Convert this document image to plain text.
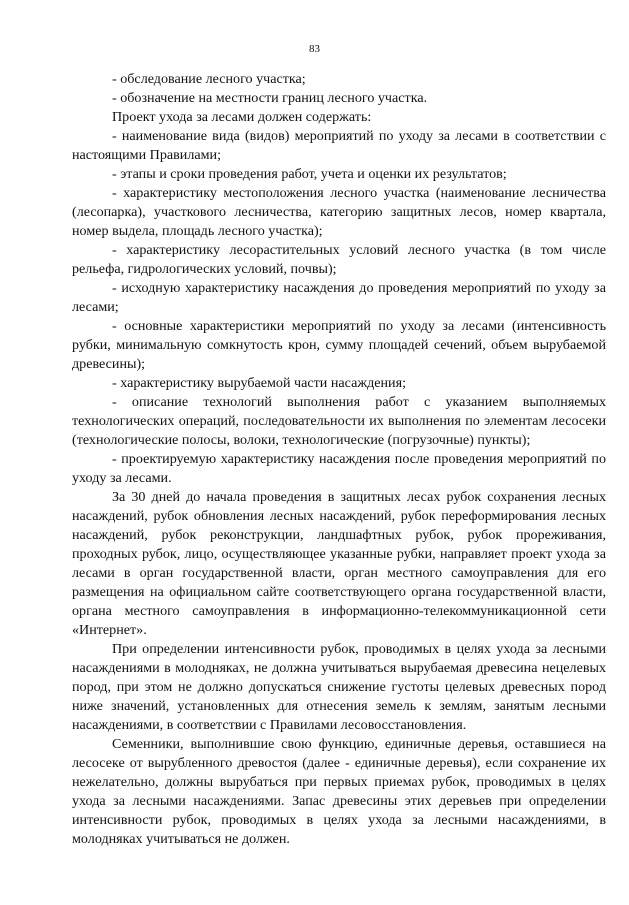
83

- обследование лесного участка;

- обозначение на местности границ лесного участка.

Проект ухода за лесами должен содержать:

- наименование вида (видов) мероприятий по уходу за лесами в соответствии с настоящими Правилами;

- этапы и сроки проведения работ, учета и оценки их результатов;

- характеристику местоположения лесного участка (наименование лесничества (лесопарка), участкового лесничества, категорию защитных лесов, номер квартала, номер выдела, площадь лесного участка);

- характеристику лесорастительных условий лесного участка (в том числе рельефа, гидрологических условий, почвы);

- исходную характеристику насаждения до проведения мероприятий по уходу за лесами;

- основные характеристики мероприятий по уходу за лесами (интенсивность рубки, минимальную сомкнутость крон, сумму площадей сечений, объем вырубаемой древесины);

- характеристику вырубаемой части насаждения;

- описание технологий выполнения работ с указанием выполняемых технологических операций, последовательности их выполнения по элементам лесосеки (технологические полосы, волоки, технологические (погрузочные) пункты);

- проектируемую характеристику насаждения после проведения мероприятий по уходу за лесами.

За 30 дней до начала проведения в защитных лесах рубок сохранения лесных насаждений, рубок обновления лесных насаждений, рубок переформирования лесных насаждений, рубок реконструкции, ландшафтных рубок, рубок прореживания, проходных рубок, лицо, осуществляющее указанные рубки, направляет проект ухода за лесами в орган государственной власти, орган местного самоуправления для его размещения на официальном сайте соответствующего органа государственной власти, органа местного самоуправления в информационно-телекоммуникационной сети «Интернет».

При определении интенсивности рубок, проводимых в целях ухода за лесными насаждениями в молодняках, не должна учитываться вырубаемая древесина нецелевых пород, при этом не должно допускаться снижение густоты целевых древесных пород ниже значений, установленных для отнесения земель к землям, занятым лесными насаждениями, в соответствии с Правилами лесовосстановления.

Семенники, выполнившие свою функцию, единичные деревья, оставшиеся на лесосеке от вырубленного древостоя (далее - единичные деревья), если сохранение их нежелательно, должны вырубаться при первых приемах рубок, проводимых в целях ухода за лесными насаждениями. Запас древесины этих деревьев при определении интенсивности рубок, проводимых в целях ухода за лесными насаждениями, в молодняках учитываться не должен.
